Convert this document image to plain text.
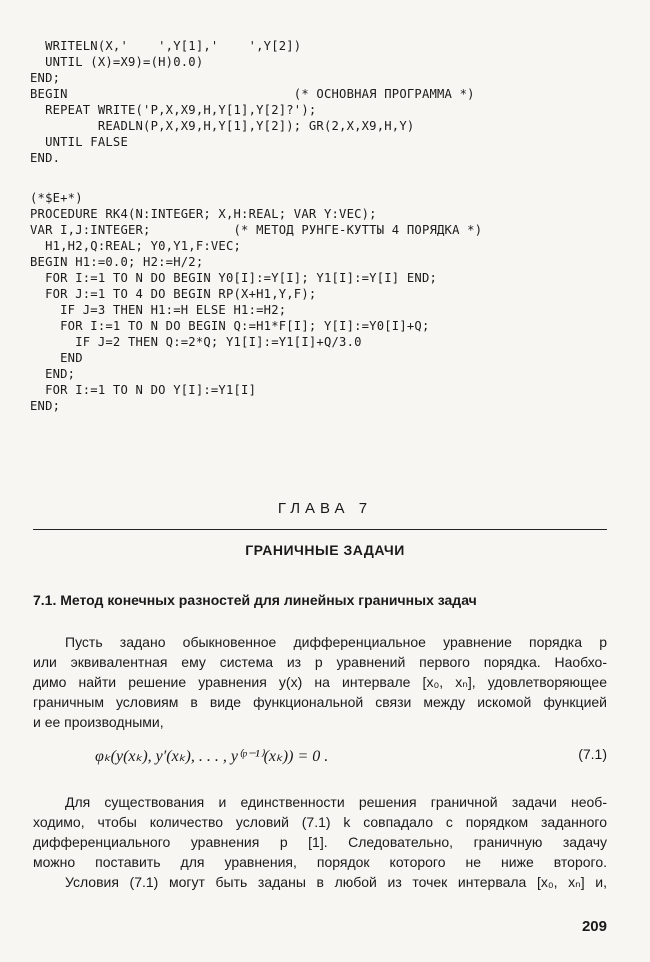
WRITELN(X,'    ',Y[1],'    ',Y[2])
UNTIL (X)=X9)=(H)0.0)
END;
BEGIN                              (* ОСНОВНАЯ ПРОГРАММА *)
REPEAT WRITE('P,X,X9,H,Y[1],Y[2]?');
READLN(P,X,X9,H,Y[1],Y[2]); GR(2,X,X9,H,Y)
UNTIL FALSE
END.
(*$E+*)
PROCEDURE RK4(N:INTEGER; X,H:REAL; VAR Y:VEC);
VAR I,J:INTEGER;           (* МЕТОД РУНГЕ-КУТТЫ 4 ПОРЯДКА *)
H1,H2,Q:REAL; Y0,Y1,F:VEC;
BEGIN H1:=0.0; H2:=H/2;
FOR I:=1 TO N DO BEGIN Y0[I]:=Y[I]; Y1[I]:=Y[I] END;
FOR J:=1 TO 4 DO BEGIN RP(X+H1,Y,F);
IF J=3 THEN H1:=H ELSE H1:=H2;
FOR I:=1 TO N DO BEGIN Q:=H1*F[I]; Y[I]:=Y0[I]+Q;
IF J=2 THEN Q:=2*Q; Y1[I]:=Y1[I]+Q/3.0
END
END;
FOR I:=1 TO N DO Y[I]:=Y1[I]
END;
ГЛАВА 7
ГРАНИЧНЫЕ ЗАДАЧИ
7.1. Метод конечных разностей для линейных граничных задач
Пусть задано обыкновенное дифференциальное уравнение порядка p
или эквивалентная ему система из p уравнений первого порядка. Наобхо-
димо найти решение уравнения y(x) на интервале [x₀, xₙ], удовлетворяющее
граничным условиям в виде функциональной связи между искомой функцией
и ее производными,
φₖ(y(xₖ), y′(xₖ), . . . , y⁽ᵖ⁻¹⁾(xₖ)) = 0 .	(7.1)
Для существования и единственности решения граничной задачи необ-
ходимо, чтобы количество условий (7.1) k совпадало с порядком заданного
дифференциального уравнения p [1]. Следовательно, граничную задачу
можно поставить для уравнения, порядок которого не ниже второго.
Условия (7.1) могут быть заданы в любой из точек интервала [x₀, xₙ] и,
209
